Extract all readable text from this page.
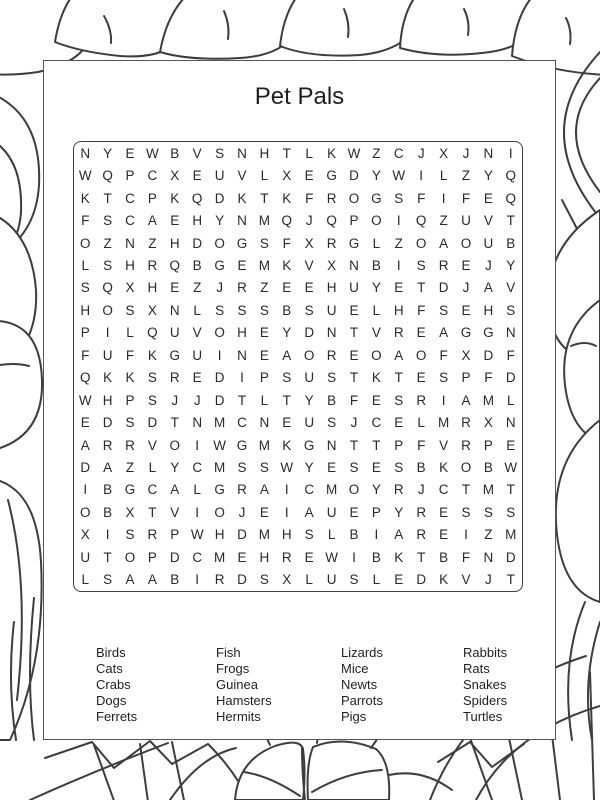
Pet Pals
N Y E W B V S N H T	L	K W Z C	J	X	J	N	I
W Q P C X E U V	L	X E G D Y W	I	L	Z	Y Q
K	T C P K Q D K	T	K	F R O G S	F	I	F	E Q
F	S C A E H Y N M Q	J	Q P O	I	Q Z U V	T
O Z N Z H D O G S	F	X R G L	Z O A O U B
L	S H R Q B G E M K V X N B	I	S R E	J	Y
S Q X H E	Z	J	R Z	E E H U Y E	T D	J	A V
H O S X N	L	S S S B S U E	L	H F	S E H S
P	I	L Q U V O H E Y D N T	V R E A G G N
F U F	K G U	I	N E A O R E O A O F	X D F
Q K K S R E D	I	P S U S	T	K	T	E S P	F D
W H P S	J	J	D T	L	T	Y B	F	E S R	I	A M L
E D S D T N M C N E U S	J	C E	L M R X N
A R R V O	I	W G M K G N T	T	P	F	V R P E
D A	Z	L	Y C M S S W Y E S E S B K O B W
I	B G C A	L G R A	I	C M O Y R	J	C T M T
O B X	T	V	I	O	J	E	I	A U E P Y R E S S S
X	I	S R P W H D M H S	L	B	I	A R E	I	Z M
U T O P D C M E H R E W	I	B K	T	B	F N D
L	S A A B	I	R D S X	L	U S	L	E D K V	J	T
Birds
Cats
Crabs
Dogs
Ferrets
Fish
Frogs
Guinea
Hamsters
Hermits
Lizards
Mice
Newts
Parrots
Pigs
Rabbits
Rats
Snakes
Spiders
Turtles
